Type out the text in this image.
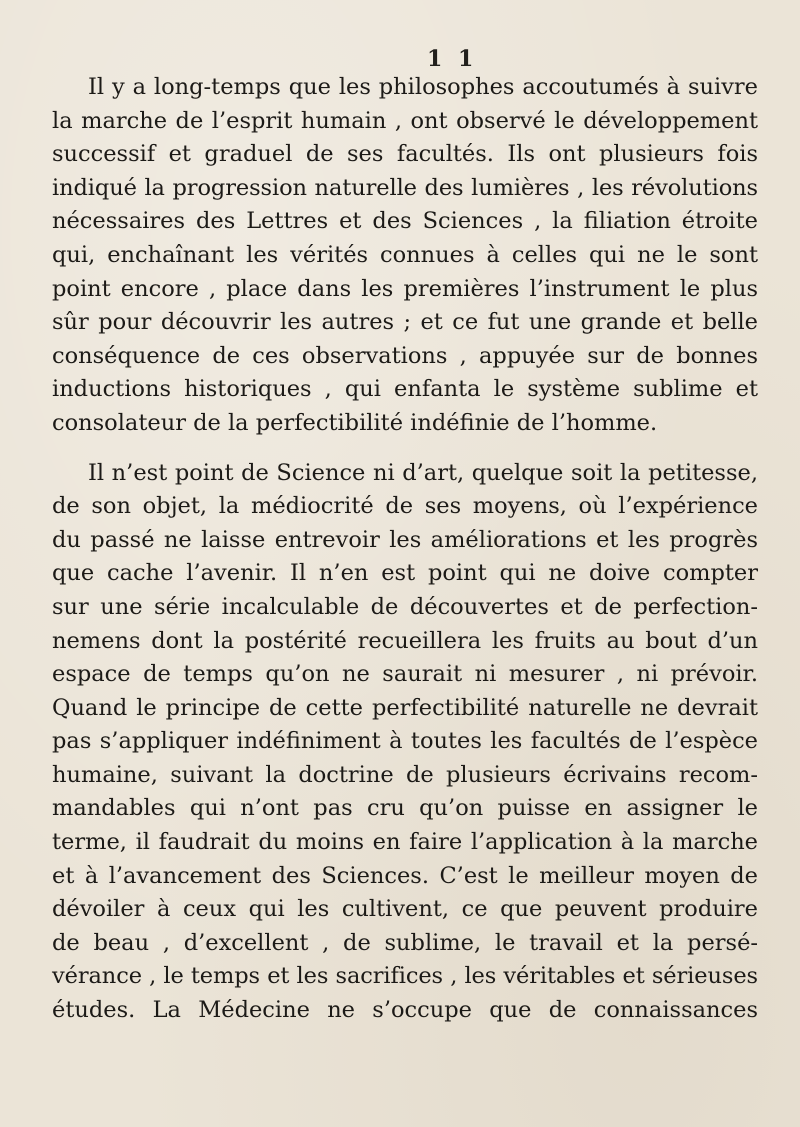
1 1

Il y a long-temps que les philosophes accoutumés à suivre
la marche de l’esprit humain , ont observé le développement
successif et graduel de ses facultés. Ils ont plusieurs fois
indiqué la progression naturelle des lumières , les révolutions
nécessaires des Lettres et des Sciences , la filiation étroite
qui, enchaînant les vérités connues à celles qui ne le sont
point encore , place dans les premières l’instrument le plus
sûr pour découvrir les autres ; et ce fut une grande et belle
conséquence de ces observations , appuyée sur de bonnes
inductions historiques , qui enfanta le système sublime et
consolateur de la perfectibilité indéfinie de l’homme.

Il n’est point de Science ni d’art, quelque soit la petitesse,
de son objet, la médiocrité de ses moyens, où l’expérience
du passé ne laisse entrevoir les améliorations et les progrès
que cache l’avenir. Il n’en est point qui ne doive compter
sur une série incalculable de découvertes et de perfection-
nemens dont la postérité recueillera les fruits au bout d’un
espace de temps qu’on ne saurait ni mesurer , ni prévoir.
Quand le principe de cette perfectibilité naturelle ne devrait
pas s’appliquer indéfiniment à toutes les facultés de l’espèce
humaine, suivant la doctrine de plusieurs écrivains recom-
mandables qui n’ont pas cru qu’on puisse en assigner le
terme, il faudrait du moins en faire l’application à la marche
et à l’avancement des Sciences. C’est le meilleur moyen de
dévoiler à ceux qui les cultivent, ce que peuvent produire
de beau , d’excellent , de sublime, le travail et la persé-
vérance , le temps et les sacrifices , les véritables et sérieuses
études. La Médecine ne s’occupe que de connaissances
